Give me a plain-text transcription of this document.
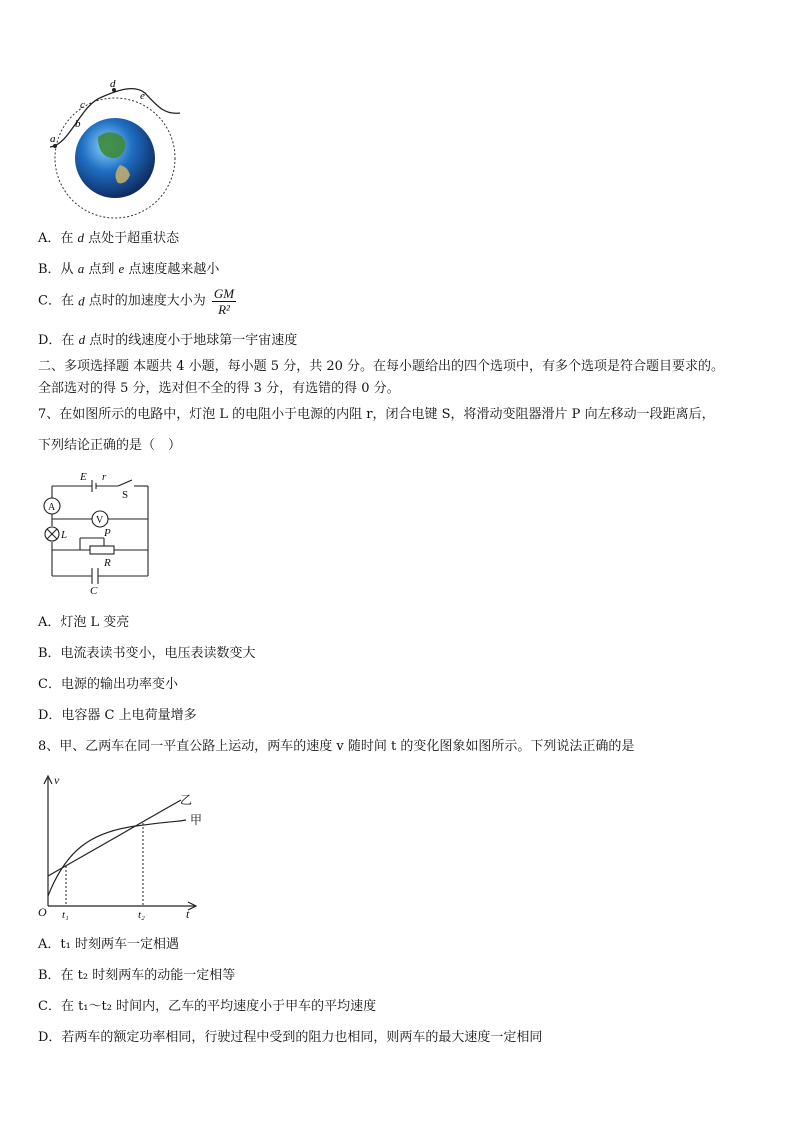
a
b
c
d
e
A．在 d 点处于超重状态
B．从 a 点到 e 点速度越来越小
C．在 d 点时的加速度大小为 $\frac{GM}{\text{R²}}$
D．在 d 点时的线速度小于地球第一宇宙速度
二、多项选择题 本题共 4 小题，每小题 5 分，共 20 分。在每小题给出的四个选项中，有多个选项是符合题目要求的。
全部选对的得 5 分，选对但不全的得 3 分，有选错的得 0 分。
7、在如图所示的电路中，灯泡 L 的电阻小于电源的内阻 r，闭合电键 S，将滑动变阻器滑片 P 向左移动一段距离后，
下列结论正确的是（　）
E r
S
A
V
L	P
R
C
A．灯泡 L 变亮
B．电流表读书变小，电压表读数变大
C．电源的输出功率变小
D．电容器 C 上电荷量增多
8、甲、乙两车在同一平直公路上运动，两车的速度 v 随时间 t 的变化图象如图所示。下列说法正确的是
v
t
O t₁	t₂
乙
甲
A．t₁ 时刻两车一定相遇
B．在 t₂ 时刻两车的动能一定相等
C．在 t₁～t₂ 时间内，乙车的平均速度小于甲车的平均速度
D．若两车的额定功率相同，行驶过程中受到的阻力也相同，则两车的最大速度一定相同
